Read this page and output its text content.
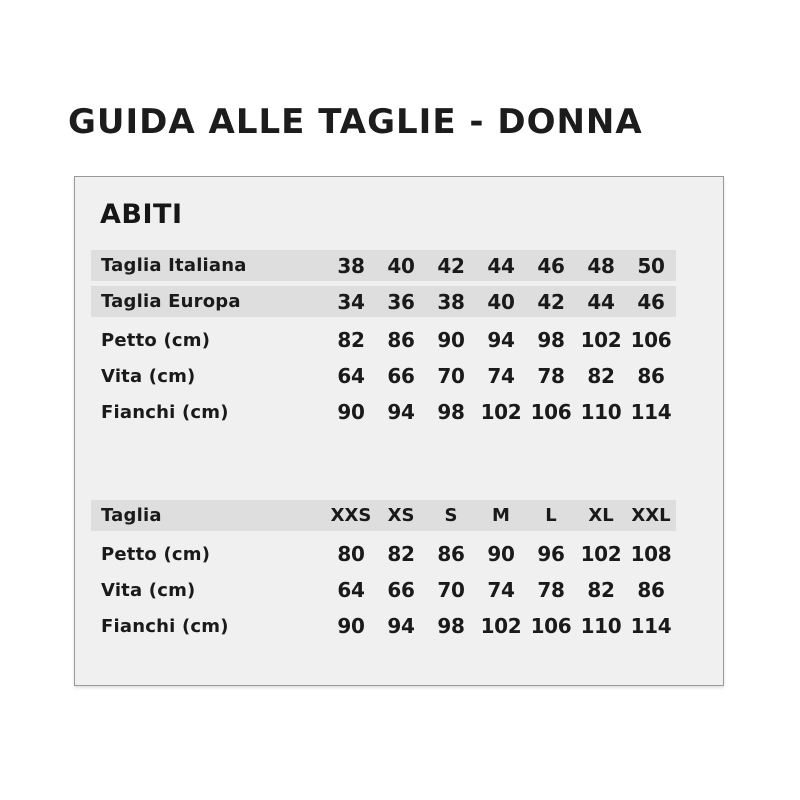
GUIDA ALLE TAGLIE - DONNA
ABITI
Taglia Italiana	38	40	42	44	46	48	50
Taglia Europa	34	36	38	40	42	44	46
Petto (cm)	82	86	90	94	98 102 106
Vita (cm)	64	66	70	74	78	82	86
Fianchi (cm)	90	94	98 102 106 110 114
Taglia	XXS XS	S	M	L	XL XXL
Petto (cm)	80	82	86	90	96 102 108
Vita (cm)	64	66	70	74	78	82	86
Fianchi (cm)	90	94	98 102 106 110 114
